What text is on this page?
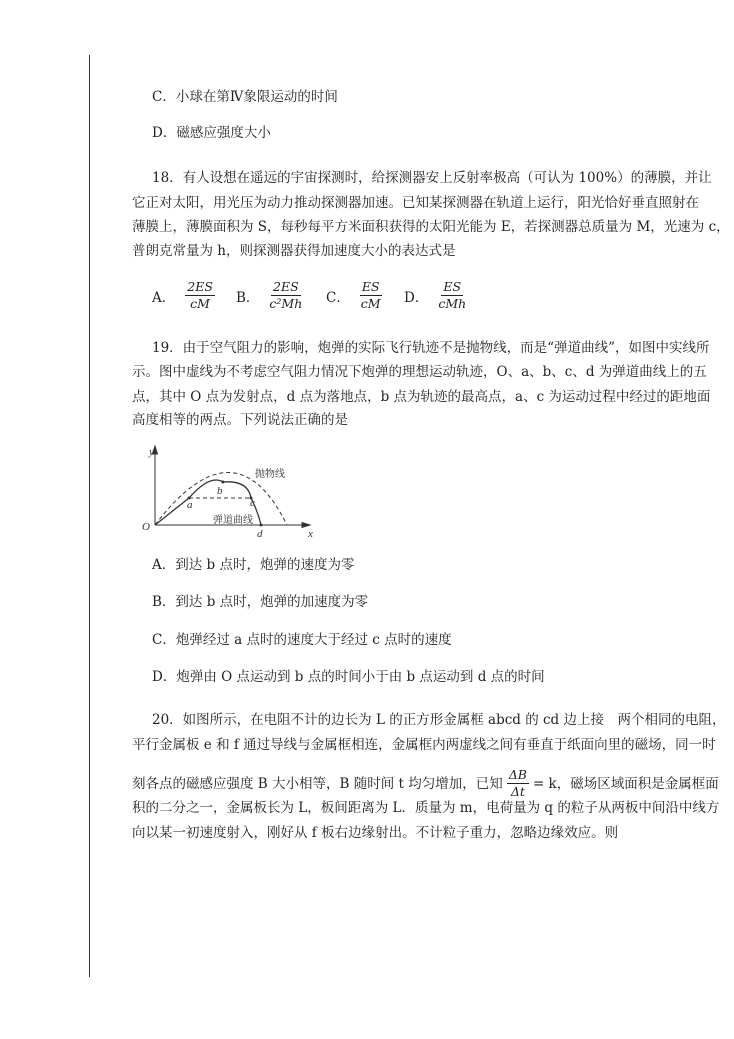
C．小球在第Ⅳ象限运动的时间
D．磁感应强度大小
18．有人设想在遥远的宇宙探测时，给探测器安上反射率极高（可认为 100%）的薄膜，并让
它正对太阳，用光压为动力推动探测器加速。已知某探测器在轨道上运行，阳光恰好垂直照射在
薄膜上，薄膜面积为 S，每秒每平方米面积获得的太阳光能为 E，若探测器总质量为 M，光速为 c，
普朗克常量为 h，则探测器获得加速度大小的表达式是
A． $\frac{2ES}{cM}$ B． $\frac{2ES}{\text{c²Mh}}$ C． $\frac{ES}{cM}$ D． $\frac{ES}{\text{cMh}}$
19．由于空气阻力的影响，炮弹的实际飞行轨迹不是抛物线，而是“弹道曲线”，如图中实线所
示。图中虚线为不考虑空气阻力情况下炮弹的理想运动轨迹，O、a、b、c、d 为弹道曲线上的五
点，其中 O 点为发射点，d 点为落地点，b 点为轨迹的最高点，a、c 为运动过程中经过的距地面
高度相等的两点。下列说法正确的是
y
x
O
a
b
c
d
抛物线
弹道曲线
A．到达 b 点时，炮弹的速度为零
B．到达 b 点时，炮弹的加速度为零
C．炮弹经过 a 点时的速度大于经过 c 点时的速度
D．炮弹由 O 点运动到 b 点的时间小于由 b 点运动到 d 点的时间
20．如图所示，在电阻不计的边长为 L 的正方形金属框 abcd 的 cd 边上接　两个相同的电阻，
平行金属板 e 和 f 通过导线与金属框相连，金属框内两虚线之间有垂直于纸面向里的磁场，同一时
刻各点的磁感应强度 B 大小相等，B 随时间 t 均匀增加，已知 $\frac{\Delta B}{\Delta t} = k$，磁场区域面积是金属框面
积的二分之一，金属板长为 L，板间距离为 L．质量为 m，电荷量为 q 的粒子从两板中间沿中线方
向以某一初速度射入，刚好从 f 板右边缘射出。不计粒子重力，忽略边缘效应。则
